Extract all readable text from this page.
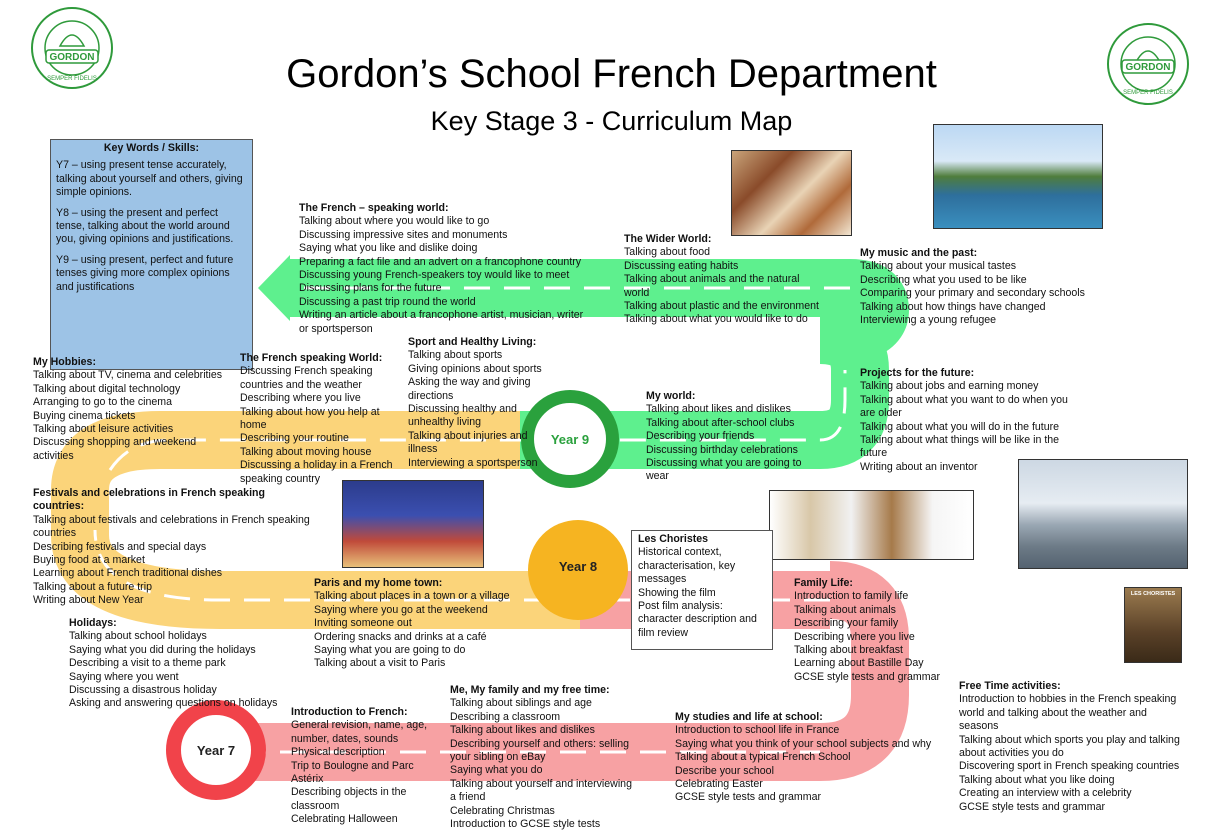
Year 9
Year 8
Year 7
GORDON
SEMPER FIDELIS
GORDON
SEMPER FIDELIS
Gordon’s School French Department
Key Stage 3 - Curriculum Map
Key Words / Skills:
Y7 – using present tense accurately, talking about yourself and others, giving simple opinions.
Y8 – using the present and perfect tense, talking about the world around you, giving opinions and justifications.
Y9 – using present, perfect and future tenses giving more complex opinions and justifications
LES CHORISTES
The French – speaking world:
Talking about where you would like to go
Discussing impressive sites and monuments
Saying what you like and dislike doing
Preparing a fact file and an advert on a francophone country
Discussing young French-speakers toy would like to meet
Discussing plans for the future
Discussing a past trip round the world
Writing an article about a francophone artist, musician, writer
or sportsperson
The Wider World:
Talking about food
Discussing eating habits
Talking about animals and the natural
world
Talking about plastic and the environment
Talking about what you would like to do
My music and the past:
Talking about your musical tastes
Describing what you used to be like
Comparing your primary and secondary schools
Talking about how things have changed
Interviewing a young refugee
My Hobbies:
Talking about TV, cinema and celebrities
Talking about digital technology
Arranging to go to the cinema
Buying cinema tickets
Talking about leisure activities
Discussing shopping and weekend
activities
The French speaking World:
Discussing French speaking
countries and the weather
Describing where you live
Talking about how you help at
home
Describing your routine
Talking about moving house
Discussing a holiday in a French
speaking country
Sport and Healthy Living:
Talking about sports
Giving opinions about sports
Asking the way and giving
directions
Discussing healthy and
unhealthy living
Talking about injuries and
illness
Interviewing a sportsperson
My world:
Talking about likes and dislikes
Talking about after-school clubs
Describing your friends
Discussing birthday celebrations
Discussing what you are going to
wear
Projects for the future:
Talking about jobs and earning money
Talking about what you want to do when you
are older
Talking about what you will do in the future
Talking about what things will be like in the
future
Writing about an inventor
Festivals and celebrations in French speaking
countries:
Talking about festivals and celebrations in French speaking
countries
Describing festivals and special days
Buying food at a market
Learning about French traditional dishes
Talking about a future trip
Writing about New Year
Les Choristes
Historical context,
characterisation, key
messages
Showing the film
Post film analysis:
character description and
film review
Family Life:
Introduction to family life
Talking about animals
Describing your family
Describing where you live
Talking about breakfast
Learning about Bastille Day
GCSE style tests and grammar
Paris and my home town:
Talking about places in a town or a village
Saying where you go at the weekend
Inviting someone out
Ordering snacks and drinks at a café
Saying what you are going to do
Talking about a visit to Paris
Holidays:
Talking about school holidays
Saying what you did during the holidays
Describing a visit to a theme park
Saying where you went
Discussing a disastrous holiday
Asking and answering questions on holidays
Free Time activities:
Introduction to hobbies in the French speaking
world and talking about the weather and
seasons
Talking about which sports you play and talking
about activities you do
Discovering sport in French speaking countries
Talking about what you like doing
Creating an interview with a celebrity
GCSE style tests and grammar
Introduction to French:
General revision, name, age,
number, dates, sounds
Physical description
Trip to Boulogne and Parc
Astérix
Describing objects in the
classroom
Celebrating Halloween
Me, My family and my free time:
Talking about siblings and age
Describing a classroom
Talking about likes and dislikes
Describing yourself and others: selling
your sibling on eBay
Saying what you do
Talking about yourself and interviewing
a friend
Celebrating Christmas
Introduction to GCSE style tests
My studies and life at school:
Introduction to school life in France
Saying what you think of your school subjects and why
Talking about a typical French School
Describe your school
Celebrating Easter
GCSE style tests and grammar
